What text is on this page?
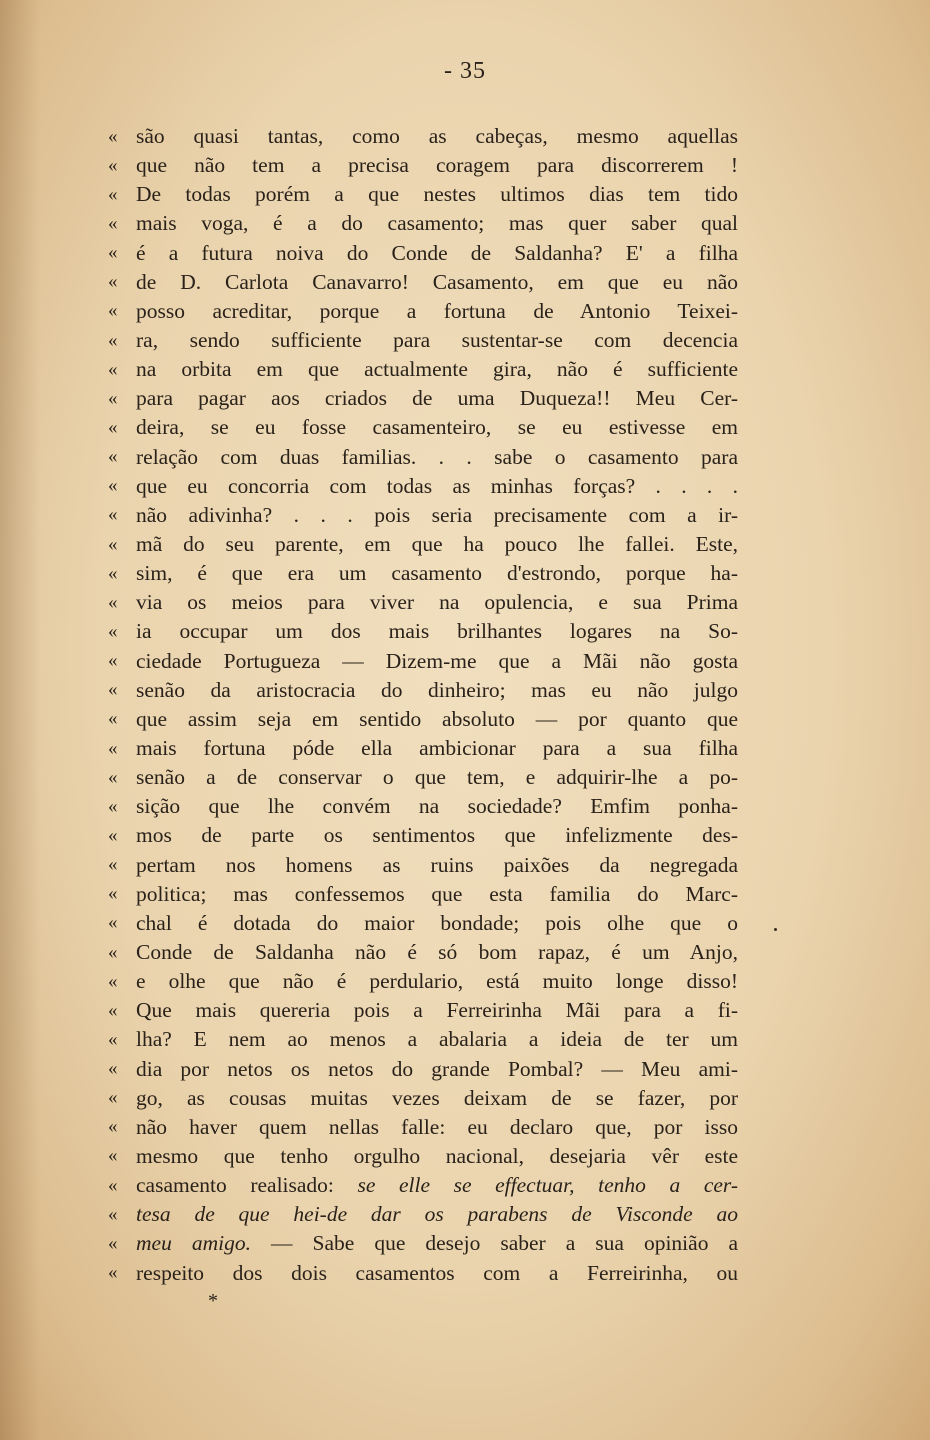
- 35
« são quasi tantas, como as cabeças, mesmo aquellas
« que não tem a precisa coragem para discorrerem !
« De todas porém a que nestes ultimos dias tem tido
« mais voga, é a do casamento; mas quer saber qual
« é a futura noiva do Conde de Saldanha? E' a filha
« de D. Carlota Canavarro! Casamento, em que eu não
« posso acreditar, porque a fortuna de Antonio Teixei-
« ra, sendo sufficiente para sustentar-se com decencia
« na orbita em que actualmente gira, não é sufficiente
« para pagar aos criados de uma Duqueza!! Meu Cer-
« deira, se eu fosse casamenteiro, se eu estivesse em
« relação com duas familias. . . sabe o casamento para
« que eu concorria com todas as minhas forças? . . . .
« não adivinha? . . . pois seria precisamente com a ir-
« mã do seu parente, em que ha pouco lhe fallei. Este,
« sim, é que era um casamento d'estrondo, porque ha-
« via os meios para viver na opulencia, e sua Prima
« ia occupar um dos mais brilhantes logares na So-
« ciedade Portugueza — Dizem-me que a Mãi não gosta
« senão da aristocracia do dinheiro; mas eu não julgo
« que assim seja em sentido absoluto — por quanto que
« mais fortuna póde ella ambicionar para a sua filha
« senão a de conservar o que tem, e adquirir-lhe a po-
« sição que lhe convém na sociedade? Emfim ponha-
« mos de parte os sentimentos que infelizmente des-
« pertam nos homens as ruins paixões da negregada
« politica; mas confessemos que esta familia do Marc-
« chal é dotada do maior bondade; pois olhe que o
« Conde de Saldanha não é só bom rapaz, é um Anjo,
« e olhe que não é perdulario, está muito longe disso!
« Que mais quereria pois a Ferreirinha Mãi para a fi-
« lha? E nem ao menos a abalaria a ideia de ter um
« dia por netos os netos do grande Pombal? — Meu ami-
« go, as cousas muitas vezes deixam de se fazer, por
« não haver quem nellas falle: eu declaro que, por isso
« mesmo que tenho orgulho nacional, desejaria vêr este
« casamento realisado: se elle se effectuar, tenho a cer-
« tesa de que hei-de dar os parabens de Visconde ao
« meu amigo. — Sabe que desejo saber a sua opinião a
« respeito dos dois casamentos com a Ferreirinha, ou
*
